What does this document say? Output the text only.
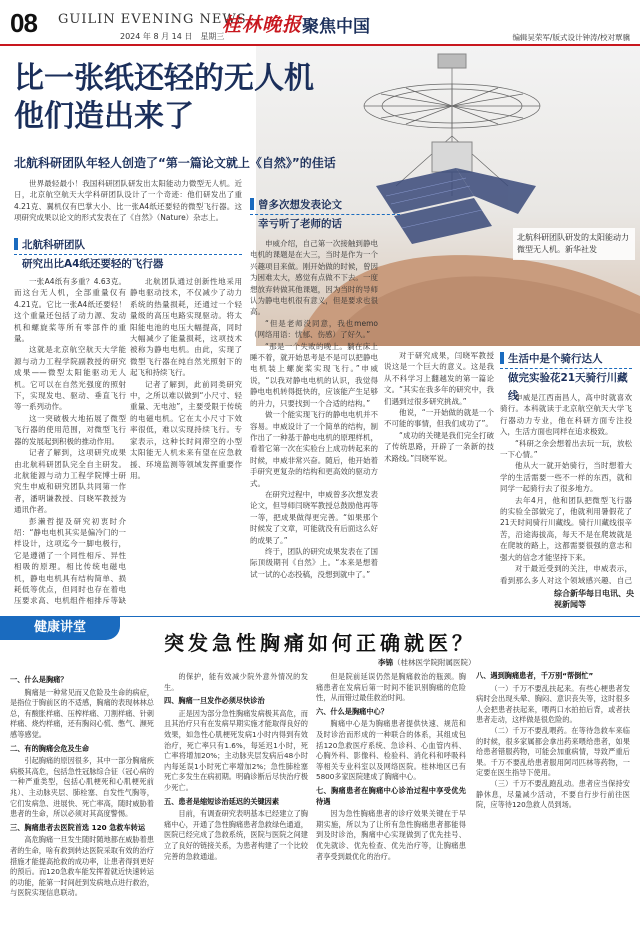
08 GUILIN EVENING NEWS
2024 年 8 月 14 日　星期三
桂林晚报 聚焦中国
编辑吴荣军/版式设计钟涛/校对覃骥
北航科研团队研发的太阳能动力微型无人机。新华社发
比一张纸还轻的无人机
他们造出来了
北航科研团队年轻人创造了“第一篇论文就上《自然》”的佳话

世界最轻最小！我国科研团队研发出太阳能动力微型无人机。近日，北京航空航天大学科研团队设计了一个奇迹：他们研发出了重4.21克、翼机仅有巴掌大小、比一张A4纸还要轻的微型飞行器。这项研究成果以论文的形式发表在了《自然》（Nature）杂志上。

北航科研团队
研究出比A4纸还要轻的飞行器

一张A4纸有多重？4.63克。而这台无人机，全部重量仅有4.21克。它比一张A4纸还要轻！这个重量还包括了动力源、发动机和螺旋桨等所有零部件的重量。

这就是北京航空航天大学能源与动力工程学院副教授的研究成果——微型太阳能驱动无人机。它可以在自然光强度的照射下，实现发电、驱动、垂直飞行等一系列动作。

这一突破极大地拓展了微型飞行器的使用范围，对微型飞行器的发展起到积极的推动作用。

记者了解到，这项研究成果由北航科研团队完全自主研发。北航能源与动力工程学院博士研究生申威和研究团队共同第一作者，潘明谦教授、闫晓军教授为通讯作者。

彭濑哲提及研究初衷时介绍：“静电电机其实是偏冷门的一样设计，这项迄今一脚电极行，它是遵循了一个同性相斥、异性相吸的原理。相比传统电磁电机，静电电机具有结构简单、损耗低等优点，但同时也存在着电压要求高、电机组件相排斥等缺

北航团队通过创新性地采用静电驱动技术，不仅减少了动力系统的热量损耗，还通过一个轻量级的高压电路实现驱动。将太阳能电池的电压大幅提高，同时大幅减少了能量损耗，这项技术被称为静电电机。由此，实现了微型飞行器在纯自然光照射下的起飞和持续飞行。

记者了解到，此前同类研究中，之所以难以做到“小尺寸、轻重量、无电池”，主要受限于传统的电磁电机。它在太小尺寸下效率很低，难以实现持续飞行。专家表示，这种长时间滞空的小型太阳能无人机未来有望在应急救援、环境监测等领域发挥重要作用。

曾多次想发表论文
幸亏听了老师的话

申威介绍，自己第一次接触到静电电机的课题是在大三，当时是作为一个兴趣项目来做。刚开始做的时候，曾因为困难太大，感觉有点做不下去。一度想放弃转做其他课题，因为当时的导师认为静电电机很有意义，但是要求也很高。

“但是老师没同意，我也memo（网络用语：忧郁、伤感）了好久。”

“那是一个失败的晚上。躺在床上睡不着，就开始思考是不是可以把静电电机装上螺旋桨实现飞行。”申威说，“以我对静电电机的认识，我觉得静电电机转得挺快的，应该能产生足够的升力，只要找到一个合适的结构。”

做一个能实现飞行的静电电机并不容易。申威设计了一个简单的结构，制作出了一种基于静电电机的原理样机，看着它第一次在实验台上成功转起来的时候，申威非常兴奋。随后，他开始着手研究更复杂的结构和更高效的驱动方式。

在研究过程中，申威曾多次想发表论文，但导师闫晓军教授总鼓励他再等一等，把成果做得更完善。“如果那个时候发了文章，可能就没有后面这么好的成果了。”

终于，团队的研究成果发表在了国际顶级期刊《自然》上。“本来是想着试一试的心态投稿，没想到就中了。”

对于研究成果，闫晓军教授说这是一个巨大的意义。这是我从不科学习上翻越发的第一篇论文。“其实在我多年的研究中，我们遇到过很多研究挑战。”

他说，“一开始做的就是一个不可能的事情，但我们成功了”。

“成功的关键是我们完全打破了传统思路，开辟了一条新的技术路线。”闫晓军说。

生活中是个骑行达人
做完实验花21天骑行川藏线

申威是江西南昌人，高中时就喜欢骑行。本科就读于北京航空航天大学飞行器动力专业，他在科研方面专注投入，生活方面也同样在追求极致。

“科研之余会想着出去玩一玩，放松一下心情。”

他从大一就开始骑行，当时想着大学的生活需要一些不一样的东西，就和同学一起骑行去了很多地方。

去年4月，他和团队把微型飞行器的实验全部做完了，他就利用暑假花了21天时间骑行川藏线。骑行川藏线很辛苦，沿途海拔高，每天不是在爬坡就是在爬坡的路上，这都需要很强的意志和强大的信念才能坚持下来。

对于最近受到的关注，申威表示，看到那么多人对这个领域感兴趣，自己

综合新华每日电讯、央视新闻等
健康讲堂
突发急性胸痛如何正确就医？
李锦（桂林医学院附属医院）

一、什么是胸痛？

胸痛是一种常见而又危险及生命的病症，是指位于胸前区的不适感，胸痛的表现林林总总，有酸胀样痛、压榨样痛、刀割样痛、针刺样痛、烧灼样痛，还有胸闷心慌、憋气、濒死感等感觉。

二、有的胸痛会危及生命

引起胸痛的原因很多，其中一部分胸痛疾病极其高危，包括急性冠脉综合征（冠心病的一种严重类型，包括心肌梗死和心肌梗死前兆）、主动脉夹层、肺栓塞、自发性气胸等，它们发病急、进展快、死亡率高，随时威胁着患者的生命，所以必须对其高度警惕。

三、胸痛患者去医院首选 120 急救车转运

高危胸痛一旦发生随时随地都在威胁着患者的生命，啥有救到转达医院采取有效的治疗措施才能提高抢救的成功率，让患者得到更好的预后。而120急救车能发挥着就近快速转运的功能，能第一时间赶到发病地点进行救治，与医院实现信息联动。

的保护，能有效减少院外意外情况的发生。

四、胸痛一旦发作必须尽快诊治

正是因为部分急性胸痛发病极其高危，而且其治疗只有在发病早期实施才能取得良好的效果，如急性心肌梗死发病1小时内得到有效治疗，死亡率只有1.6%，每延迟1小时，死亡率将增加20%；主动脉夹层发病后48小时内每延误1小时死亡率增加2%；急性肺栓塞死亡多发生在病初期。明确诊断后尽快治疗极少死亡。

五、患者是缩短诊治延迟的关键因素

目前，有调查研究表明基本已经建立了胸痛中心，开通了急性胸痛患者急救绿色通道，医院已经完成了急救系统，医院与医院之间建立了良好的链接关系，为患者构建了一个比较完善的急救通道。

但是院前延误仍然是胸痛救治的瓶颈。胸痛患者在发病后第一时间不能识别胸痛的危险性，从而错过最佳救治时间。

六、什么是胸痛中心？

胸痛中心是为胸痛患者提供快速、规范和及时诊治而形成的一种联合的体系，其组成包括120急救医疗系统、急诊科、心血管内科、心胸外科、影像科、检验科、消化科和呼吸科等相关专业科室以及网络医院。桂林地区已有5800多家医院建成了胸痛中心。

七、胸痛患者在胸痛中心诊治过程中享受优先待遇

因为急性胸痛患者的诊疗效果关键在于早期实施，所以为了让所有急性胸痛患者都能得到及时诊治，胸痛中心实现做到了优先挂号、优先就诊、优先检查、优先治疗等，让胸痛患者享受到最优化的治疗。

八、遇到胸痛患者，千万别“帮倒忙”

（一）千万不要乱扶起来。有些心梗患者发病时会出现头晕、胸闷、意识丧失等，这时很多人会把患者扶起来，喂两口水拍拍后背，或者扶患者走动，这样做是很危险的。

（二）千万不要乱喂药。在等待急救车来临的时候，很多家属都会拿出药来喂给患者，如果给患者错服药物，可能会加重病情，导致严重后果。千万不要乱给患者服用阿司匹林等药物，一定要在医生指导下使用。

（三）千万不要乱跑乱动。患者应当保持安静休息，尽量减少活动，不要自行步行前往医院，应等待120急救人员到场。
